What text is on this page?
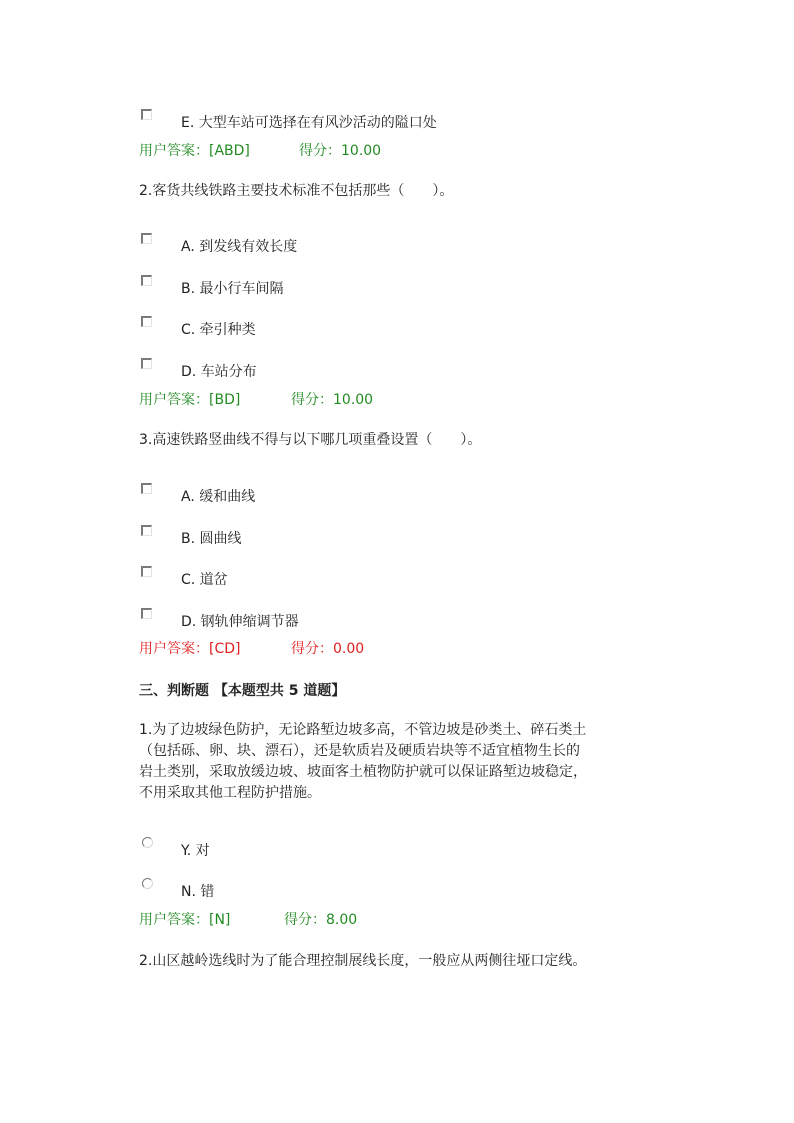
E. 大型车站可选择在有风沙活动的隘口处
用户答案：[ABD]	得分：10.00
2.客货共线铁路主要技术标准不包括那些（　　）。
A. 到发线有效长度
B. 最小行车间隔
C. 牵引种类
D. 车站分布
用户答案：[BD]	得分：10.00
3.高速铁路竖曲线不得与以下哪几项重叠设置（　　）。
A. 缓和曲线
B. 圆曲线
C. 道岔
D. 钢轨伸缩调节器
用户答案：[CD]	得分：0.00
三、判断题 【本题型共 5 道题】
1.为了边坡绿色防护，无论路堑边坡多高，不管边坡是砂类土、碎石类土
（包括砾、卵、块、漂石），还是软质岩及硬质岩块等不适宜植物生长的
岩土类别，采取放缓边坡、坡面客土植物防护就可以保证路堑边坡稳定，
不用采取其他工程防护措施。
Y. 对
N. 错
用户答案：[N]	得分：8.00
2.山区越岭选线时为了能合理控制展线长度，一般应从两侧往垭口定线。
